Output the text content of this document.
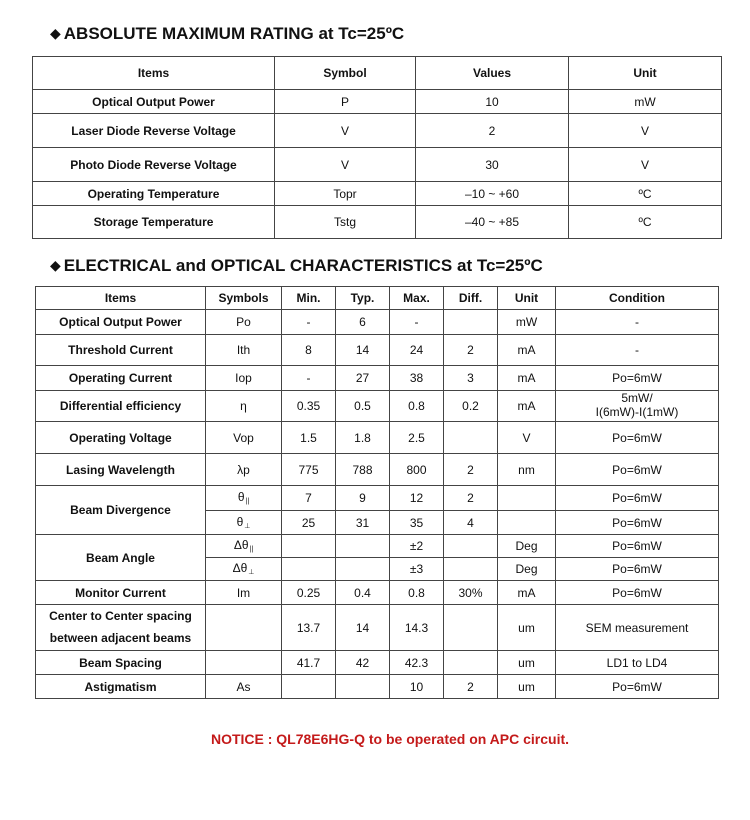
◆ ABSOLUTE MAXIMUM RATING at Tc=25ºC
Items	Symbol	Values	Unit
Optical Output Power	P	10	mW
Laser Diode Reverse Voltage	V	2	V
Photo Diode Reverse Voltage	V	30	V
Operating Temperature	Topr	–10 ~ +60	ºC
Storage Temperature	Tstg	–40 ~ +85	ºC
◆ ELECTRICAL and OPTICAL CHARACTERISTICS at Tc=25ºC
Items	Symbols	Min.	Typ.	Max.	Diff.	Unit	Condition
Optical Output Power	Po	-	6	-		mW	-
Threshold Current	Ith	8	14	24	2	mA	-
Operating Current	Iop	-	27	38	3	mA	Po=6mW
Differential efficiency	η	0.35	0.5	0.8	0.2	mA	5mW/
I(6mW)-I(1mW)

Operating Voltage	Vop	1.5	1.8	2.5		V	Po=6mW
Lasing Wavelength	λp	775	788	800	2	nm	Po=6mW
Beam Divergence	$\theta_{||}$	7	9	12	2		Po=6mW
	$\theta_\perp$	25	31	35	4		Po=6mW
Beam Angle	$\Delta\theta_{||}$			±2		Deg	Po=6mW
	$\Delta\theta_\perp$			±3		Deg	Po=6mW
Monitor Current	Im	0.25	0.4	0.8	30%	mA	Po=6mW

Center to Center spacing
between adjacent beams		13.7	14	14.3		um	SEM measurement
Beam Spacing		41.7	42	42.3		um	LD1 to LD4
Astigmatism	As			10	2	um	Po=6mW
NOTICE : QL78E6HG-Q to be operated on APC circuit.
